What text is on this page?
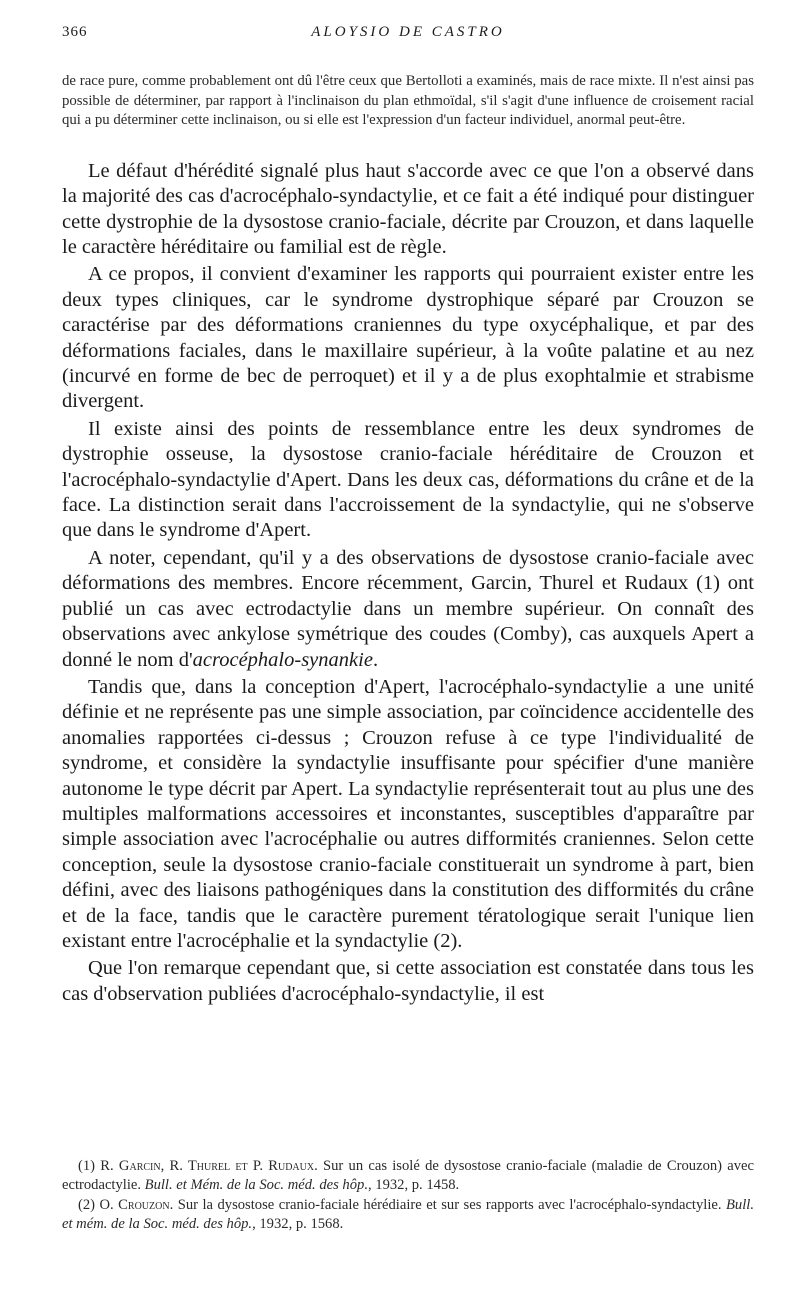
366	ALOYSIO DE CASTRO
de race pure, comme probablement ont dû l'être ceux que Bertolloti a examinés, mais de race mixte. Il n'est ainsi pas possible de déterminer, par rapport à l'inclinaison du plan ethmoïdal, s'il s'agit d'une influence de croisement racial qui a pu déterminer cette inclinaison, ou si elle est l'expression d'un facteur individuel, anormal peut-être.

Le défaut d'hérédité signalé plus haut s'accorde avec ce que l'on a observé dans la majorité des cas d'acrocéphalo-syndactylie, et ce fait a été indiqué pour distinguer cette dystrophie de la dysostose cranio-faciale, décrite par Crouzon, et dans laquelle le caractère héréditaire ou familial est de règle.

A ce propos, il convient d'examiner les rapports qui pourraient exister entre les deux types cliniques, car le syndrome dystrophique séparé par Crouzon se caractérise par des déformations craniennes du type oxycéphalique, et par des déformations faciales, dans le maxillaire supérieur, à la voûte palatine et au nez (incurvé en forme de bec de perroquet) et il y a de plus exophtalmie et strabisme divergent.

Il existe ainsi des points de ressemblance entre les deux syndromes de dystrophie osseuse, la dysostose cranio-faciale héréditaire de Crouzon et l'acrocéphalo-syndactylie d'Apert. Dans les deux cas, déformations du crâne et de la face. La distinction serait dans l'accroissement de la syndactylie, qui ne s'observe que dans le syndrome d'Apert.

A noter, cependant, qu'il y a des observations de dysostose cranio-faciale avec déformations des membres. Encore récemment, Garcin, Thurel et Rudaux (1) ont publié un cas avec ectrodactylie dans un membre supérieur. On connaît des observations avec ankylose symétrique des coudes (Comby), cas auxquels Apert a donné le nom d'acrocéphalo-synankie.

Tandis que, dans la conception d'Apert, l'acrocéphalo-syndactylie a une unité définie et ne représente pas une simple association, par coïncidence accidentelle des anomalies rapportées ci-dessus ; Crouzon refuse à ce type l'individualité de syndrome, et considère la syndactylie insuffisante pour spécifier d'une manière autonome le type décrit par Apert. La syndactylie représenterait tout au plus une des multiples malformations accessoires et inconstantes, susceptibles d'apparaître par simple association avec l'acrocéphalie ou autres difformités craniennes. Selon cette conception, seule la dysostose cranio-faciale constituerait un syndrome à part, bien défini, avec des liaisons pathogéniques dans la constitution des difformités du crâne et de la face, tandis que le caractère purement tératologique serait l'unique lien existant entre l'acrocéphalie et la syndactylie (2).

Que l'on remarque cependant que, si cette association est constatée dans tous les cas d'observation publiées d'acrocéphalo-syndactylie, il est

(1) R. Garcin, R. Thurel et P. Rudaux. Sur un cas isolé de dysostose cranio-faciale (maladie de Crouzon) avec ectrodactylie. Bull. et Mém. de la Soc. méd. des hôp., 1932, p. 1458.

(2) O. Crouzon. Sur la dysostose cranio-faciale hérédiaire et sur ses rapports avec l'acrocéphalo-syndactylie. Bull. et mém. de la Soc. méd. des hôp., 1932, p. 1568.
